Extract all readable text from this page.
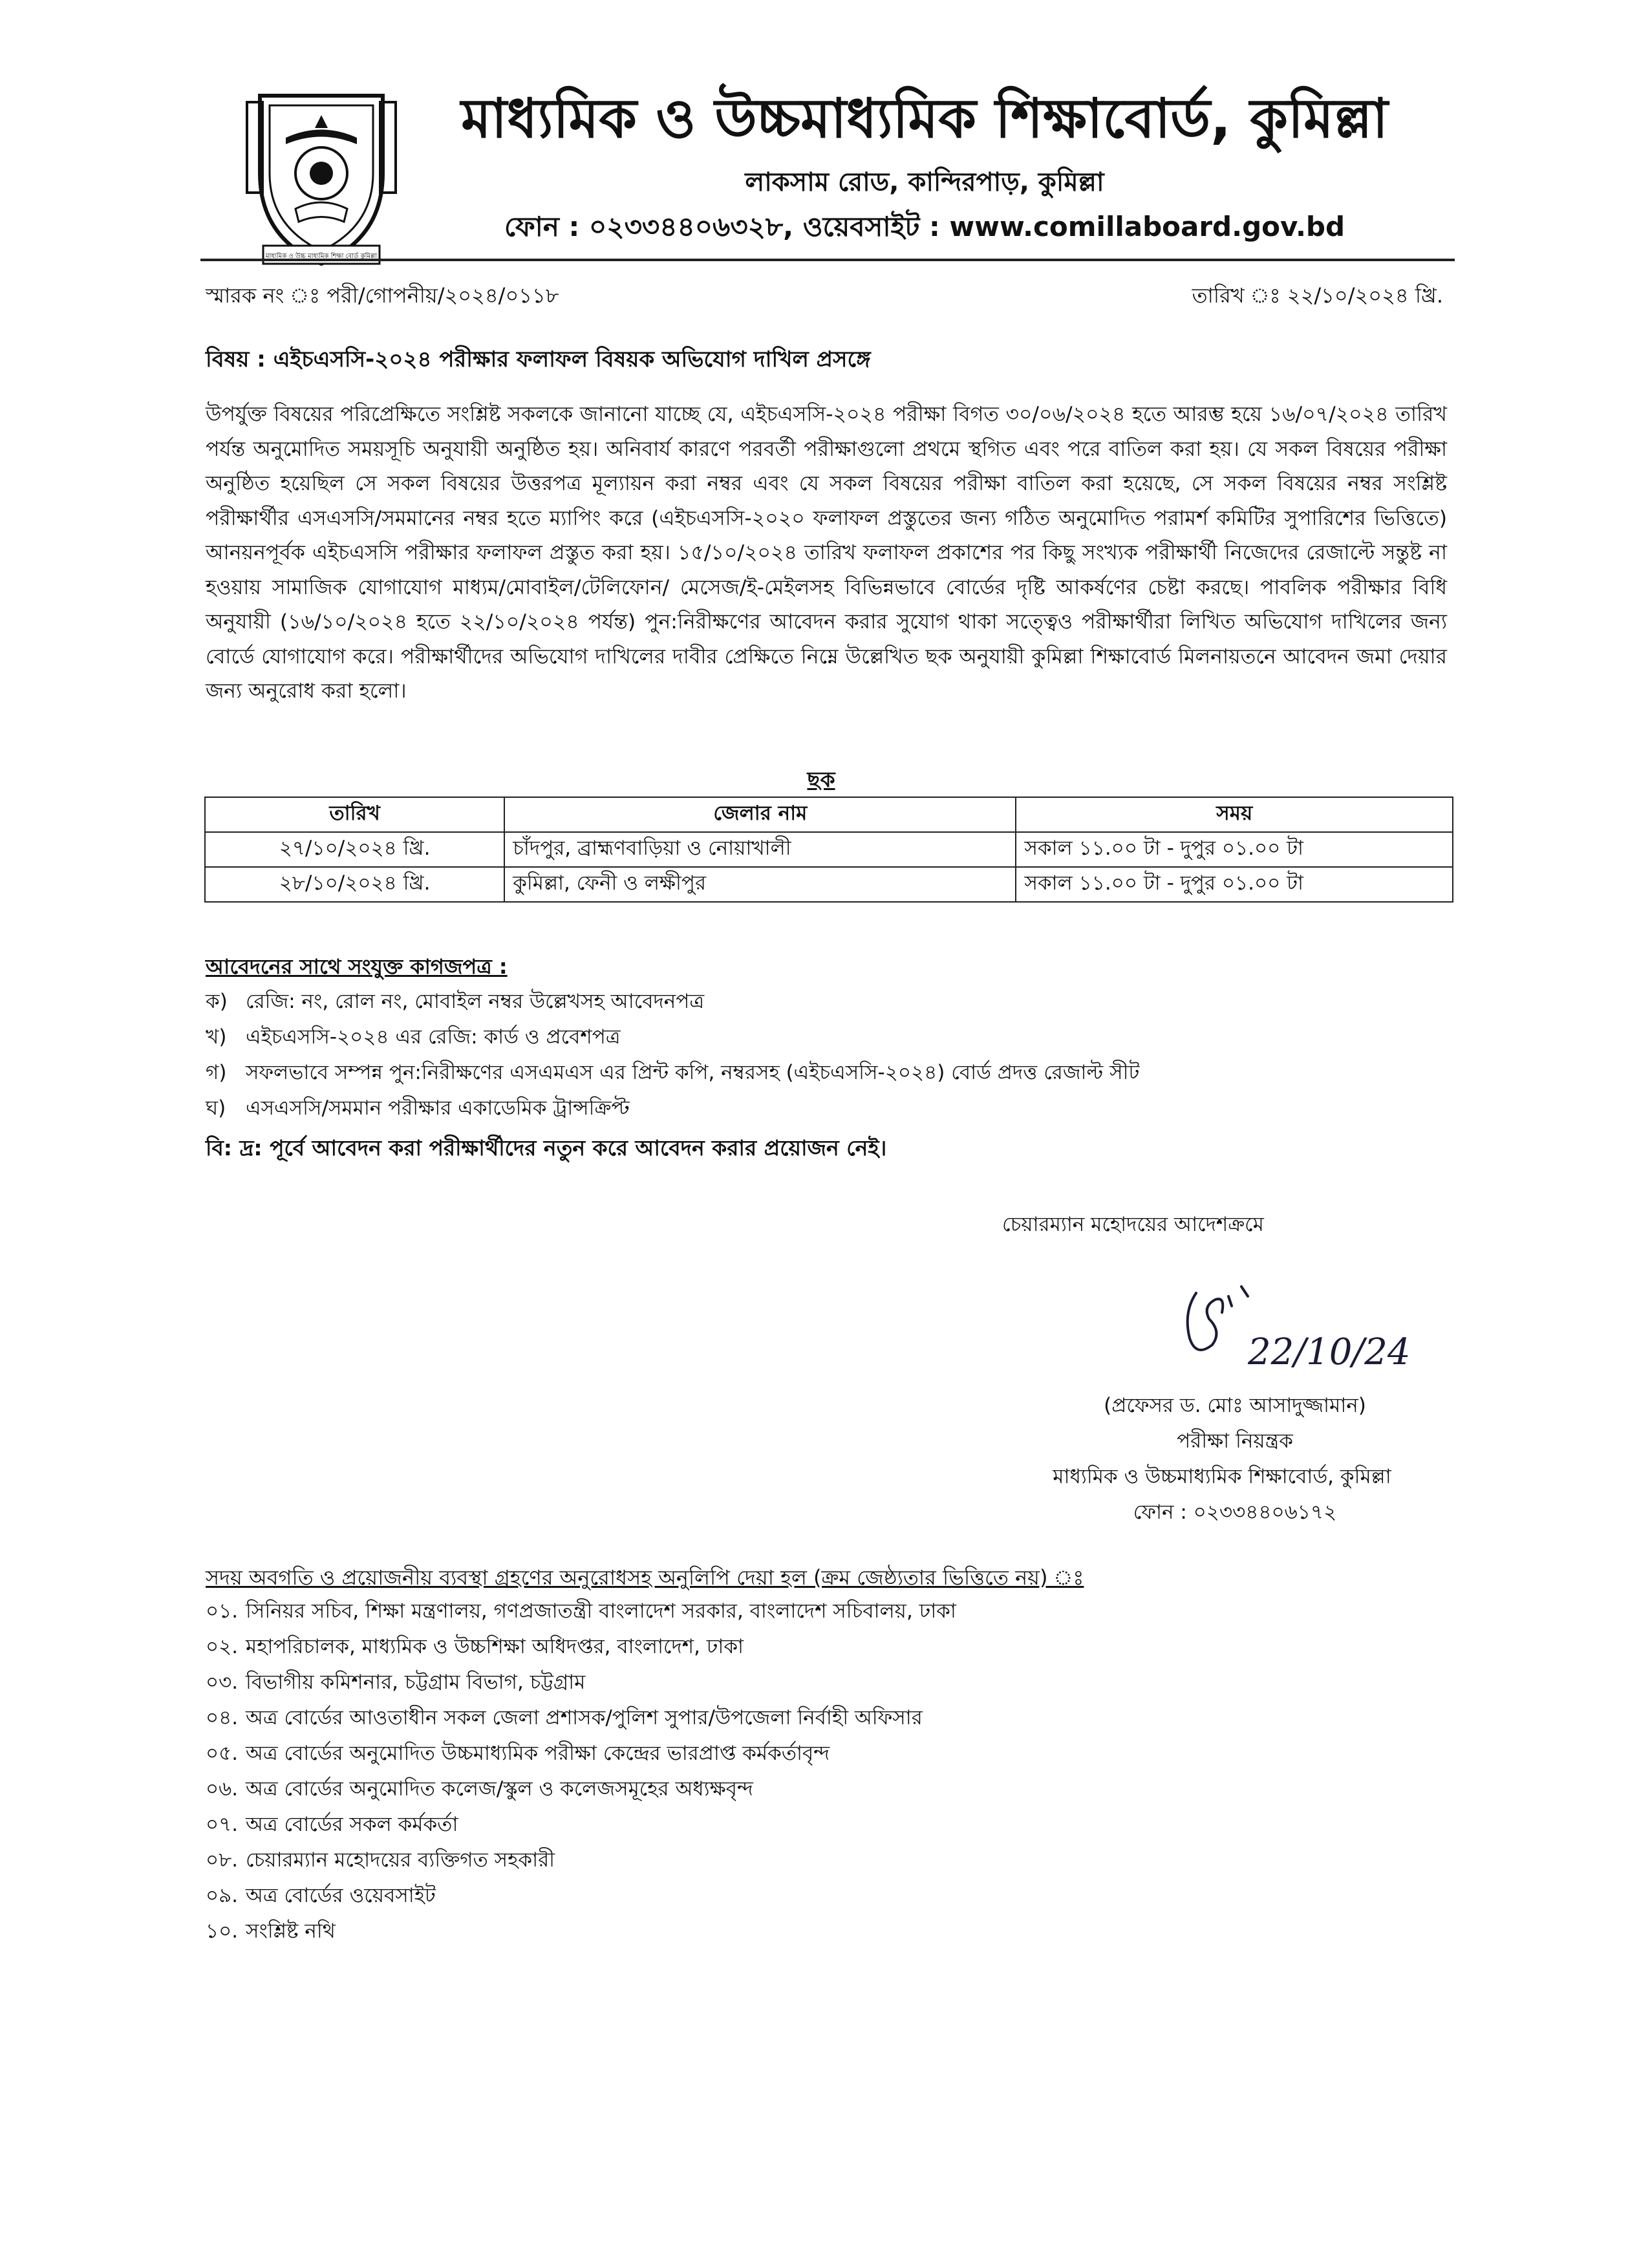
মাধ্যমিক ও উচ্চ মাধ্যমিক শিক্ষা বোর্ড কুমিল্লা
মাধ্যমিক ও উচ্চমাধ্যমিক শিক্ষাবোর্ড, কুমিল্লা
লাকসাম রোড, কান্দিরপাড়, কুমিল্লা
ফোন : ০২৩৩৪৪০৬৩২৮, ওয়েবসাইট : www.comillaboard.gov.bd
স্মারক নং ঃ পরী/গোপনীয়/২০২৪/০১১৮	তারিখ ঃ ২২/১০/২০২৪ খ্রি.
বিষয় : এইচএসসি-২০২৪ পরীক্ষার ফলাফল বিষয়ক অভিযোগ দাখিল প্রসঙ্গে
উপর্যুক্ত বিষয়ের পরিপ্রেক্ষিতে সংশ্লিষ্ট সকলকে জানানো যাচ্ছে যে, এইচএসসি-২০২৪ পরীক্ষা বিগত ৩০/০৬/২০২৪ হতে আরম্ভ হয়ে ১৬/০৭/২০২৪ তারিখ পর্যন্ত অনুমোদিত সময়সূচি অনুযায়ী অনুষ্ঠিত হয়। অনিবার্য কারণে পরবর্তী পরীক্ষাগুলো প্রথমে স্থগিত এবং পরে বাতিল করা হয়। যে সকল বিষয়ের পরীক্ষা অনুষ্ঠিত হয়েছিল সে সকল বিষয়ের উত্তরপত্র মূল্যায়ন করা নম্বর এবং যে সকল বিষয়ের পরীক্ষা বাতিল করা হয়েছে, সে সকল বিষয়ের নম্বর সংশ্লিষ্ট পরীক্ষার্থীর এসএসসি/সমমানের নম্বর হতে ম্যাপিং করে (এইচএসসি-২০২০ ফলাফল প্রস্তুতের জন্য গঠিত অনুমোদিত পরামর্শ কমিটির সুপারিশের ভিত্তিতে) আনয়নপূর্বক এইচএসসি পরীক্ষার ফলাফল প্রস্তুত করা হয়। ১৫/১০/২০২৪ তারিখ ফলাফল প্রকাশের পর কিছু সংখ্যক পরীক্ষার্থী নিজেদের রেজাল্টে সন্তুষ্ট না হওয়ায় সামাজিক যোগাযোগ মাধ্যম/মোবাইল/টেলিফোন/ মেসেজ/ই-মেইলসহ বিভিন্নভাবে বোর্ডের দৃষ্টি আকর্ষণের চেষ্টা করছে। পাবলিক পরীক্ষার বিধি অনুযায়ী (১৬/১০/২০২৪ হতে ২২/১০/২০২৪ পর্যন্ত) পুন:নিরীক্ষণের আবেদন করার সুযোগ থাকা সত্ত্বেও পরীক্ষার্থীরা লিখিত অভিযোগ দাখিলের জন্য বোর্ডে যোগাযোগ করে। পরীক্ষার্থীদের অভিযোগ দাখিলের দাবীর প্রেক্ষিতে নিম্নে উল্লেখিত ছক অনুযায়ী কুমিল্লা শিক্ষাবোর্ড মিলনায়তনে আবেদন জমা দেয়ার জন্য অনুরোধ করা হলো।
ছক
তারিখ	জেলার নাম	সময়
২৭/১০/২০২৪ খ্রি.	চাঁদপুর, ব্রাহ্মণবাড়িয়া ও নোয়াখালী	সকাল ১১.০০ টা - দুপুর ০১.০০ টা
২৮/১০/২০২৪ খ্রি.	কুমিল্লা, ফেনী ও লক্ষীপুর	সকাল ১১.০০ টা - দুপুর ০১.০০ টা
আবেদনের সাথে সংযুক্ত কাগজপত্র :
ক) রেজি: নং, রোল নং, মোবাইল নম্বর উল্লেখসহ আবেদনপত্র
খ) এইচএসসি-২০২৪ এর রেজি: কার্ড ও প্রবেশপত্র
গ) সফলভাবে সম্পন্ন পুন:নিরীক্ষণের এসএমএস এর প্রিন্ট কপি, নম্বরসহ (এইচএসসি-২০২৪) বোর্ড প্রদত্ত রেজাল্ট সীট
ঘ) এসএসসি/সমমান পরীক্ষার একাডেমিক ট্রান্সক্রিপ্ট
বি: দ্র: পূর্বে আবেদন করা পরীক্ষার্থীদের নতুন করে আবেদন করার প্রয়োজন নেই।
চেয়ারম্যান মহোদয়ের আদেশক্রমে
22/10/24
(প্রফেসর ড. মোঃ আসাদুজ্জামান)
পরীক্ষা নিয়ন্ত্রক
মাধ্যমিক ও উচ্চমাধ্যমিক শিক্ষাবোর্ড, কুমিল্লা
ফোন : ০২৩৩৪৪০৬১৭২
সদয় অবগতি ও প্রয়োজনীয় ব্যবস্থা গ্রহণের অনুরোধসহ অনুলিপি দেয়া হল (ক্রম জেষ্ঠ্যতার ভিত্তিতে নয়) ঃ
০১. সিনিয়র সচিব, শিক্ষা মন্ত্রণালয়, গণপ্রজাতন্ত্রী বাংলাদেশ সরকার, বাংলাদেশ সচিবালয়, ঢাকা
০২. মহাপরিচালক, মাধ্যমিক ও উচ্চশিক্ষা অধিদপ্তর, বাংলাদেশ, ঢাকা
০৩. বিভাগীয় কমিশনার, চট্টগ্রাম বিভাগ, চট্টগ্রাম
০৪. অত্র বোর্ডের আওতাধীন সকল জেলা প্রশাসক/পুলিশ সুপার/উপজেলা নির্বাহী অফিসার
০৫. অত্র বোর্ডের অনুমোদিত উচ্চমাধ্যমিক পরীক্ষা কেন্দ্রের ভারপ্রাপ্ত কর্মকর্তাবৃন্দ
০৬. অত্র বোর্ডের অনুমোদিত কলেজ/স্কুল ও কলেজসমূহের অধ্যক্ষবৃন্দ
০৭. অত্র বোর্ডের সকল কর্মকর্তা
০৮. চেয়ারম্যান মহোদয়ের ব্যক্তিগত সহকারী
০৯. অত্র বোর্ডের ওয়েবসাইট
১০. সংশ্লিষ্ট নথি
